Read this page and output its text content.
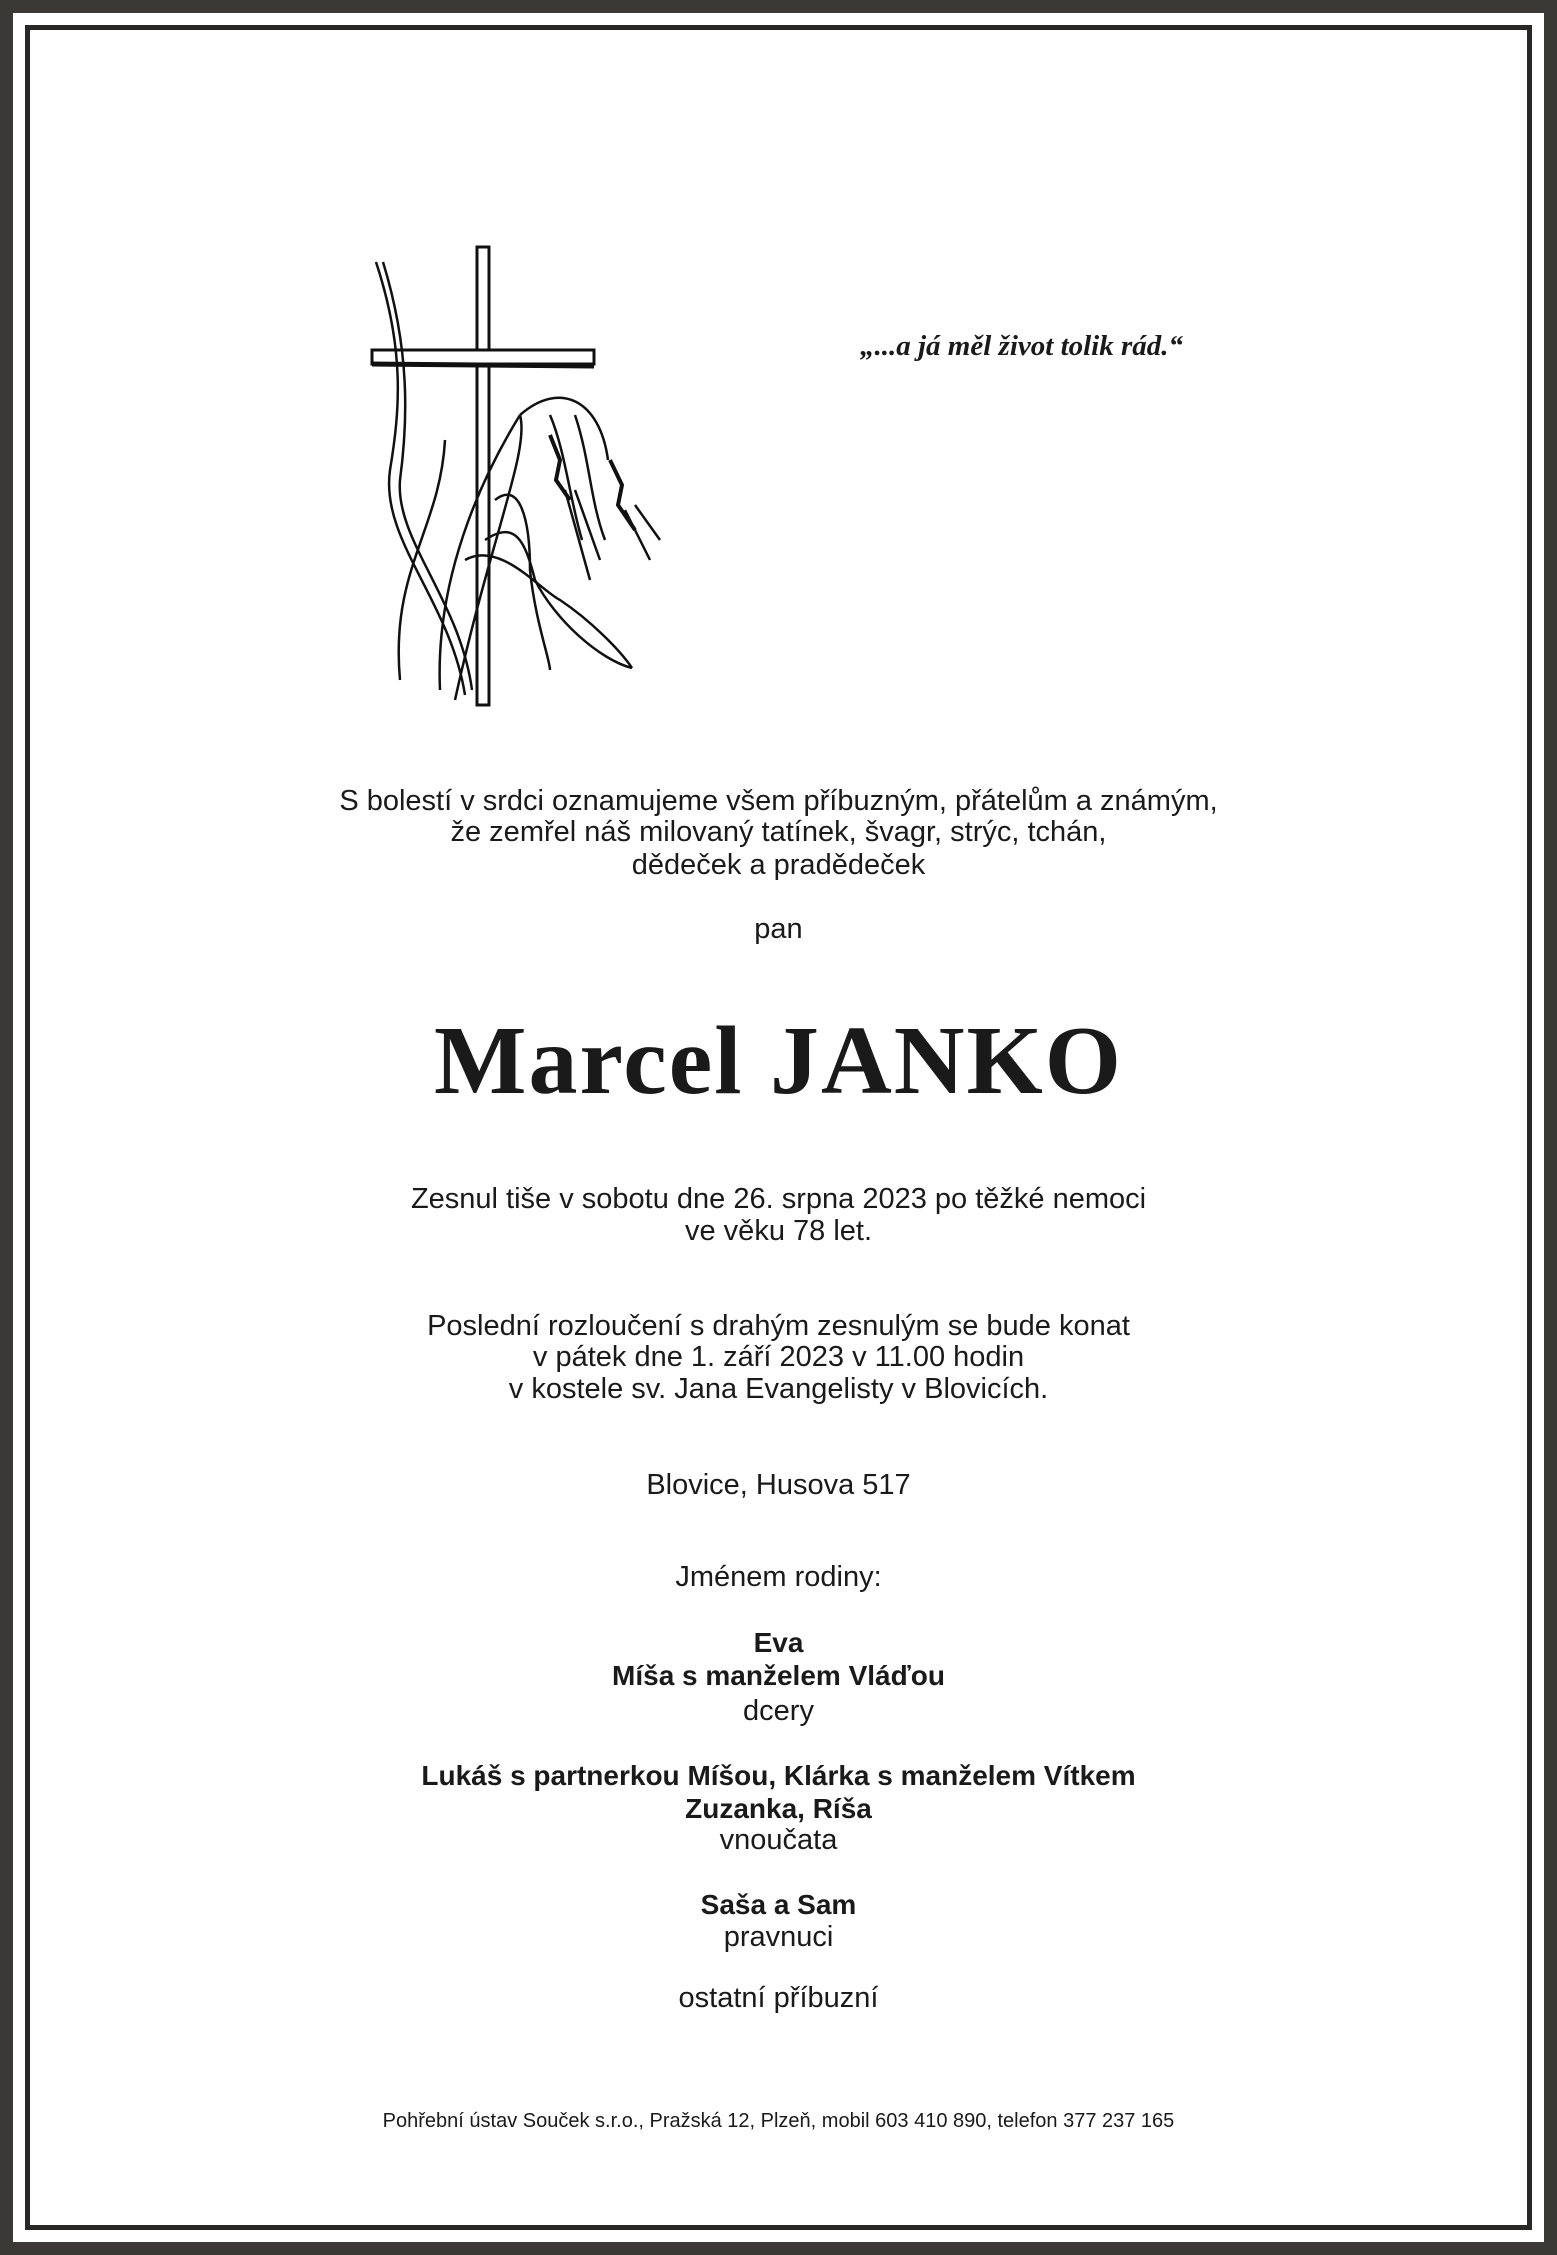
„...a já měl život tolik rád.“
S bolestí v srdci oznamujeme všem příbuzným, přátelům a známým,
že zemřel náš milovaný tatínek, švagr, strýc, tchán,
dědeček a pradědeček
pan
Marcel JANKO
Zesnul tiše v sobotu dne 26. srpna 2023 po těžké nemoci
ve věku 78 let.
Poslední rozloučení s drahým zesnulým se bude konat
v pátek dne 1. září 2023 v 11.00 hodin
v kostele sv. Jana Evangelisty v Blovicích.
Blovice, Husova 517
Jménem rodiny:
Eva
Míša s manželem Vláďou
dcery
Lukáš s partnerkou Míšou, Klárka s manželem Vítkem
Zuzanka, Ríša
vnoučata
Saša a Sam
pravnuci
ostatní příbuzní
Pohřební ústav Souček s.r.o., Pražská 12, Plzeň, mobil 603 410 890, telefon 377 237 165
